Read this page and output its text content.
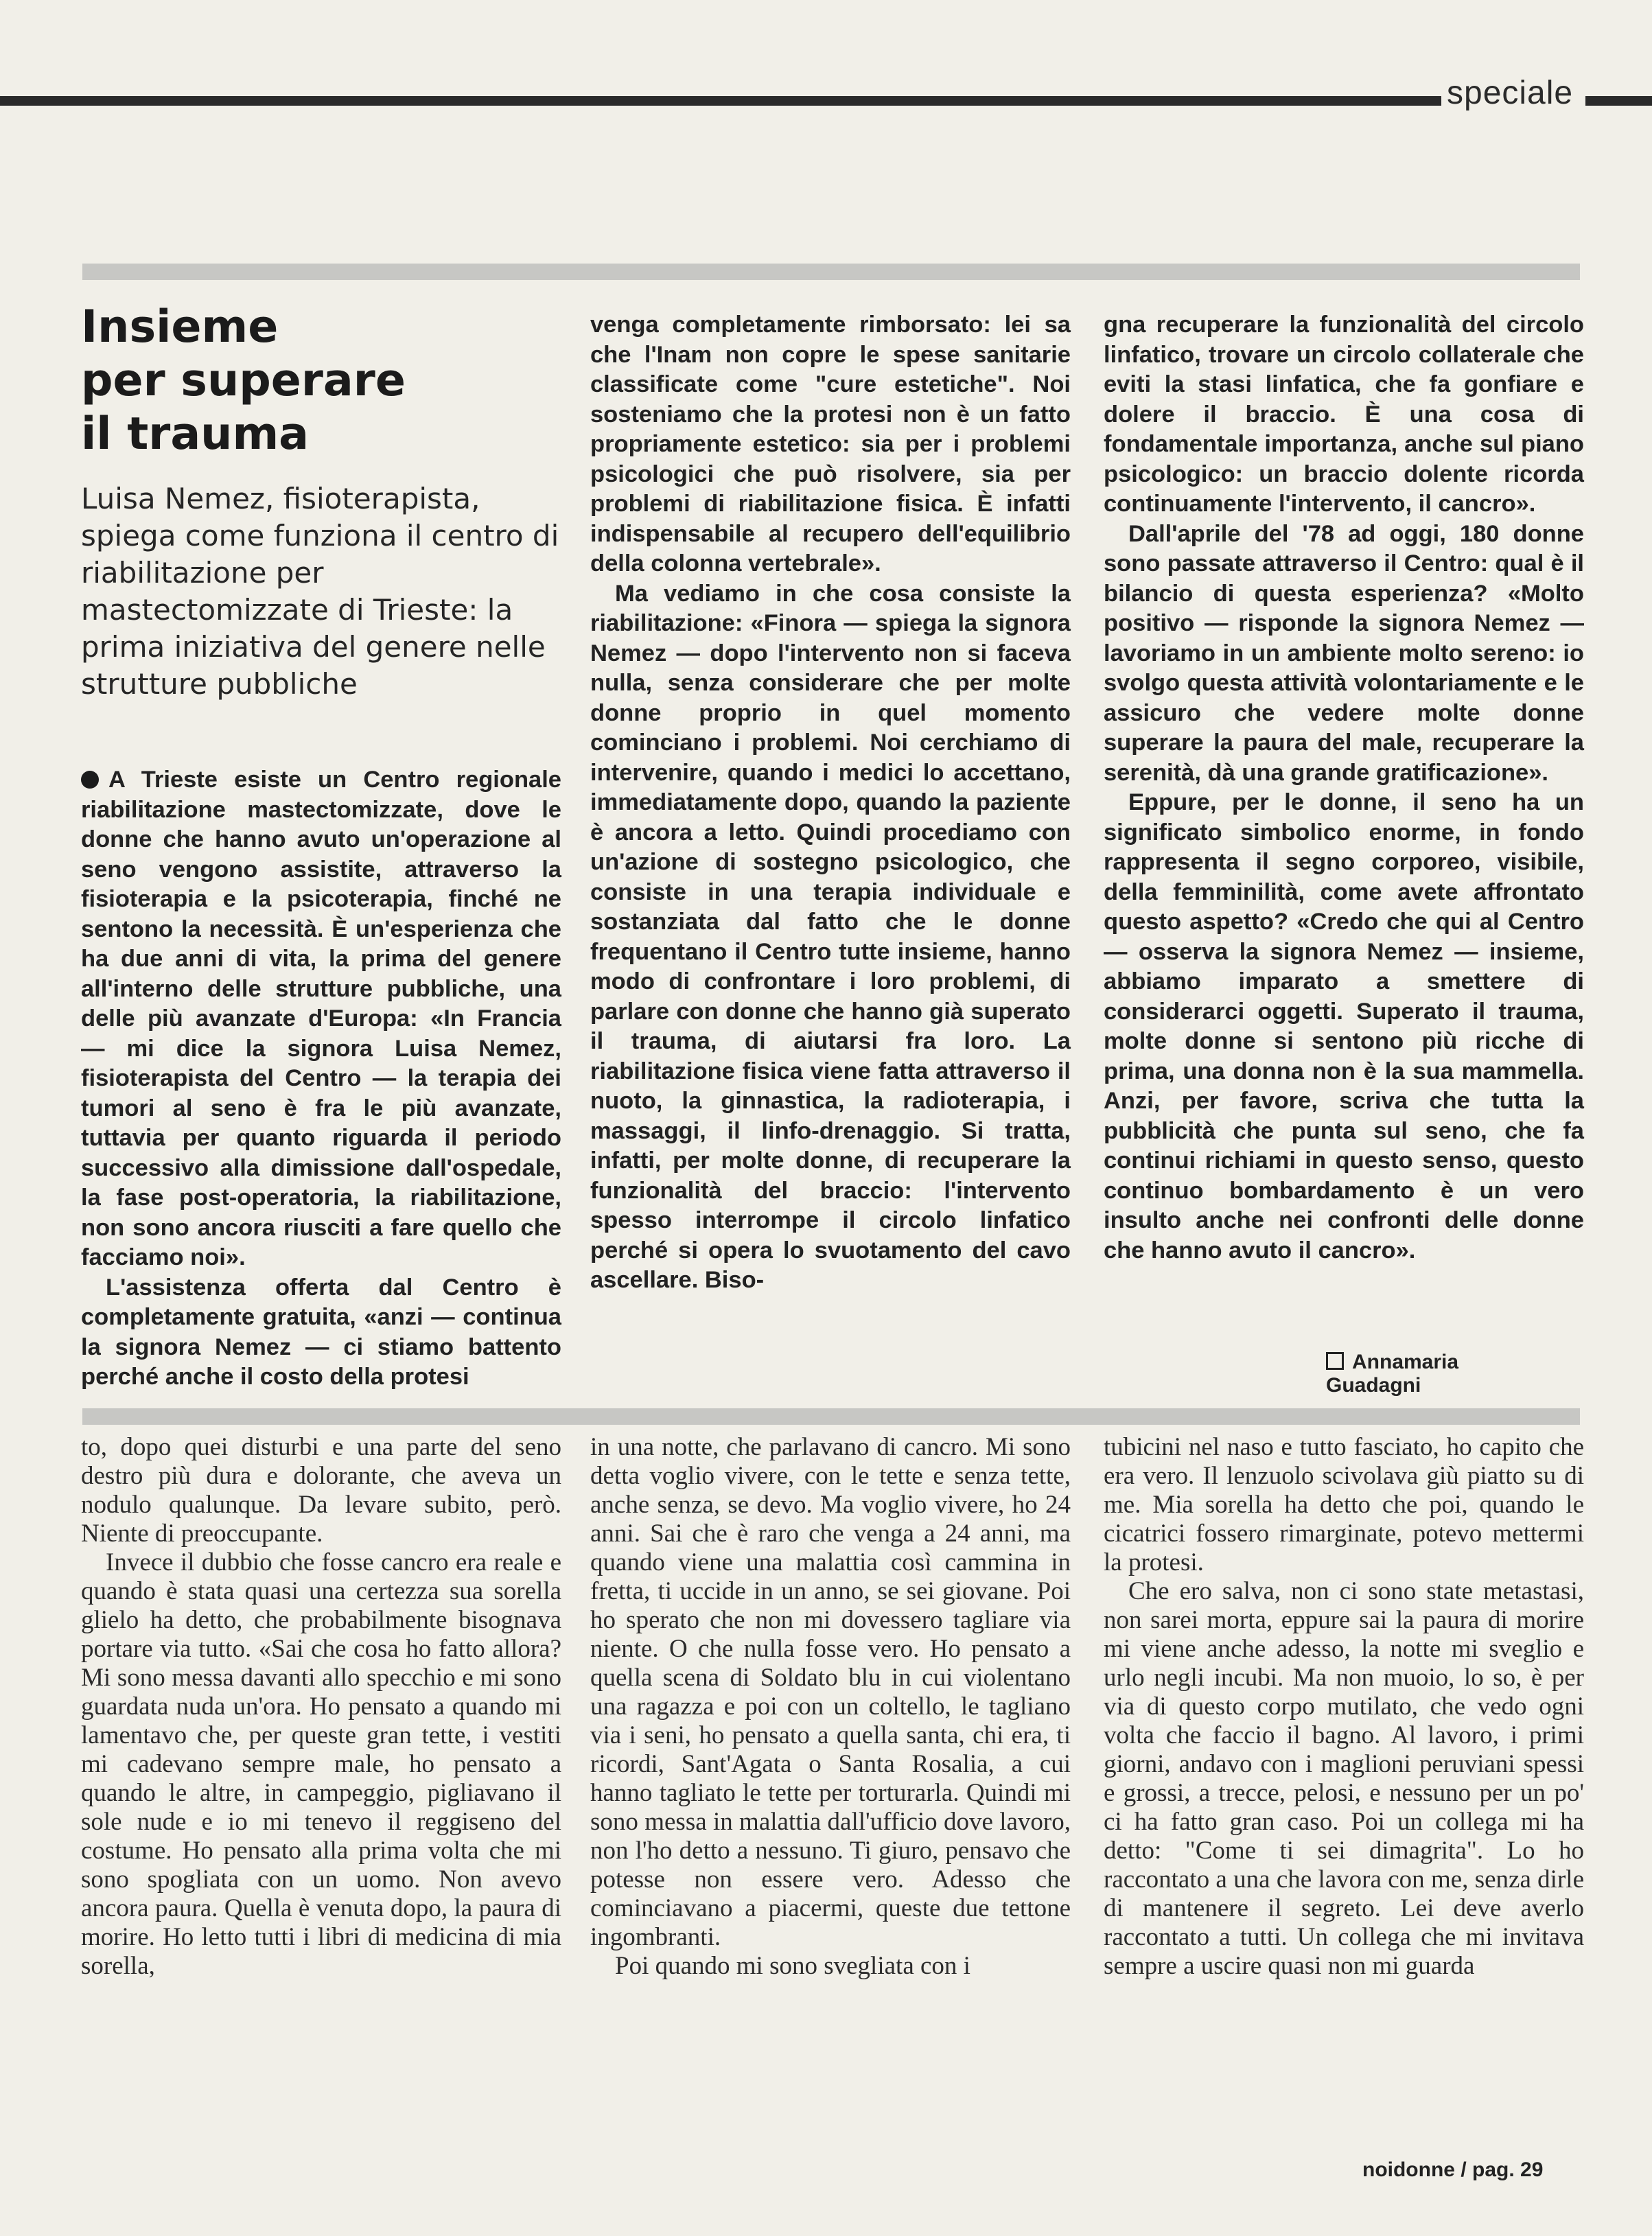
speciale
Insieme
per superare
il trauma

Luisa Nemez, fisioterapista, spiega come funziona il centro di riabilitazione per mastectomizzate di Trieste: la prima iniziativa del genere nelle strutture pubbliche

A Trieste esiste un Centro regionale riabilitazione mastectomizzate, dove le donne che hanno avuto un'operazione al seno vengono assistite, attraverso la fisioterapia e la psicoterapia, finché ne sentono la necessità. È un'esperienza che ha due anni di vita, la prima del genere all'interno delle strutture pubbliche, una delle più avanzate d'Europa: «In Francia — mi dice la signora Luisa Nemez, fisioterapista del Centro — la terapia dei tumori al seno è fra le più avanzate, tuttavia per quanto riguarda il periodo successivo alla dimissione dall'ospedale, la fase post-operatoria, la riabilitazione, non sono ancora riusciti a fare quello che facciamo noi».

L'assistenza offerta dal Centro è completamente gratuita, «anzi — continua la signora Nemez — ci stiamo battento perché anche il costo della protesi

venga completamente rimborsato: lei sa che l'Inam non copre le spese sanitarie classificate come "cure estetiche". Noi sosteniamo che la protesi non è un fatto propriamente estetico: sia per i problemi psicologici che può risolvere, sia per problemi di riabilitazione fisica. È infatti indispensabile al recupero dell'equilibrio della colonna vertebrale».

Ma vediamo in che cosa consiste la riabilitazione: «Finora — spiega la signora Nemez — dopo l'intervento non si faceva nulla, senza considerare che per molte donne proprio in quel momento cominciano i problemi. Noi cerchiamo di intervenire, quando i medici lo accettano, immediatamente dopo, quando la paziente è ancora a letto. Quindi procediamo con un'azione di sostegno psicologico, che consiste in una terapia individuale e sostanziata dal fatto che le donne frequentano il Centro tutte insieme, hanno modo di confrontare i loro problemi, di parlare con donne che hanno già superato il trauma, di aiutarsi fra loro. La riabilitazione fisica viene fatta attraverso il nuoto, la ginnastica, la radioterapia, i massaggi, il linfo-drenaggio. Si tratta, infatti, per molte donne, di recuperare la funzionalità del braccio: l'intervento spesso interrompe il circolo linfatico perché si opera lo svuotamento del cavo ascellare. Biso-

gna recuperare la funzionalità del circolo linfatico, trovare un circolo collaterale che eviti la stasi linfatica, che fa gonfiare e dolere il braccio. È una cosa di fondamentale importanza, anche sul piano psicologico: un braccio dolente ricorda continuamente l'intervento, il cancro».

Dall'aprile del '78 ad oggi, 180 donne sono passate attraverso il Centro: qual è il bilancio di questa esperienza? «Molto positivo — risponde la signora Nemez — lavoriamo in un ambiente molto sereno: io svolgo questa attività volontariamente e le assicuro che vedere molte donne superare la paura del male, recuperare la serenità, dà una grande gratificazione».

Eppure, per le donne, il seno ha un significato simbolico enorme, in fondo rappresenta il segno corporeo, visibile, della femminilità, come avete affrontato questo aspetto? «Credo che qui al Centro — osserva la signora Nemez — insieme, abbiamo imparato a smettere di considerarci oggetti. Superato il trauma, molte donne si sentono più ricche di prima, una donna non è la sua mammella. Anzi, per favore, scriva che tutta la pubblicità che punta sul seno, che fa continui richiami in questo senso, questo continuo bombardamento è un vero insulto anche nei confronti delle donne che hanno avuto il cancro».

Annamaria Guadagni

to, dopo quei disturbi e una parte del seno destro più dura e dolorante, che aveva un nodulo qualunque. Da levare subito, però. Niente di preoccupante.

Invece il dubbio che fosse cancro era reale e quando è stata quasi una certezza sua sorella glielo ha detto, che probabilmente bisognava portare via tutto. «Sai che cosa ho fatto allora? Mi sono messa davanti allo specchio e mi sono guardata nuda un'ora. Ho pensato a quando mi lamentavo che, per queste gran tette, i vestiti mi cadevano sempre male, ho pensato a quando le altre, in campeggio, pigliavano il sole nude e io mi tenevo il reggiseno del costume. Ho pensato alla prima volta che mi sono spogliata con un uomo. Non avevo ancora paura. Quella è venuta dopo, la paura di morire. Ho letto tutti i libri di medicina di mia sorella,

in una notte, che parlavano di cancro. Mi sono detta voglio vivere, con le tette e senza tette, anche senza, se devo. Ma voglio vivere, ho 24 anni. Sai che è raro che venga a 24 anni, ma quando viene una malattia così cammina in fretta, ti uccide in un anno, se sei giovane. Poi ho sperato che non mi dovessero tagliare via niente. O che nulla fosse vero. Ho pensato a quella scena di Soldato blu in cui violentano una ragazza e poi con un coltello, le tagliano via i seni, ho pensato a quella santa, chi era, ti ricordi, Sant'Agata o Santa Rosalia, a cui hanno tagliato le tette per torturarla. Quindi mi sono messa in malattia dall'ufficio dove lavoro, non l'ho detto a nessuno. Ti giuro, pensavo che potesse non essere vero. Adesso che cominciavano a piacermi, queste due tettone ingombranti.

Poi quando mi sono svegliata con i

tubicini nel naso e tutto fasciato, ho capito che era vero. Il lenzuolo scivolava giù piatto su di me. Mia sorella ha detto che poi, quando le cicatrici fossero rimarginate, potevo mettermi la protesi.

Che ero salva, non ci sono state metastasi, non sarei morta, eppure sai la paura di morire mi viene anche adesso, la notte mi sveglio e urlo negli incubi. Ma non muoio, lo so, è per via di questo corpo mutilato, che vedo ogni volta che faccio il bagno. Al lavoro, i primi giorni, andavo con i maglioni peruviani spessi e grossi, a trecce, pelosi, e nessuno per un po' ci ha fatto gran caso. Poi un collega mi ha detto: "Come ti sei dimagrita". Lo ho raccontato a una che lavora con me, senza dirle di mantenere il segreto. Lei deve averlo raccontato a tutti. Un collega che mi invitava sempre a uscire quasi non mi guarda

noidonne / pag. 29
